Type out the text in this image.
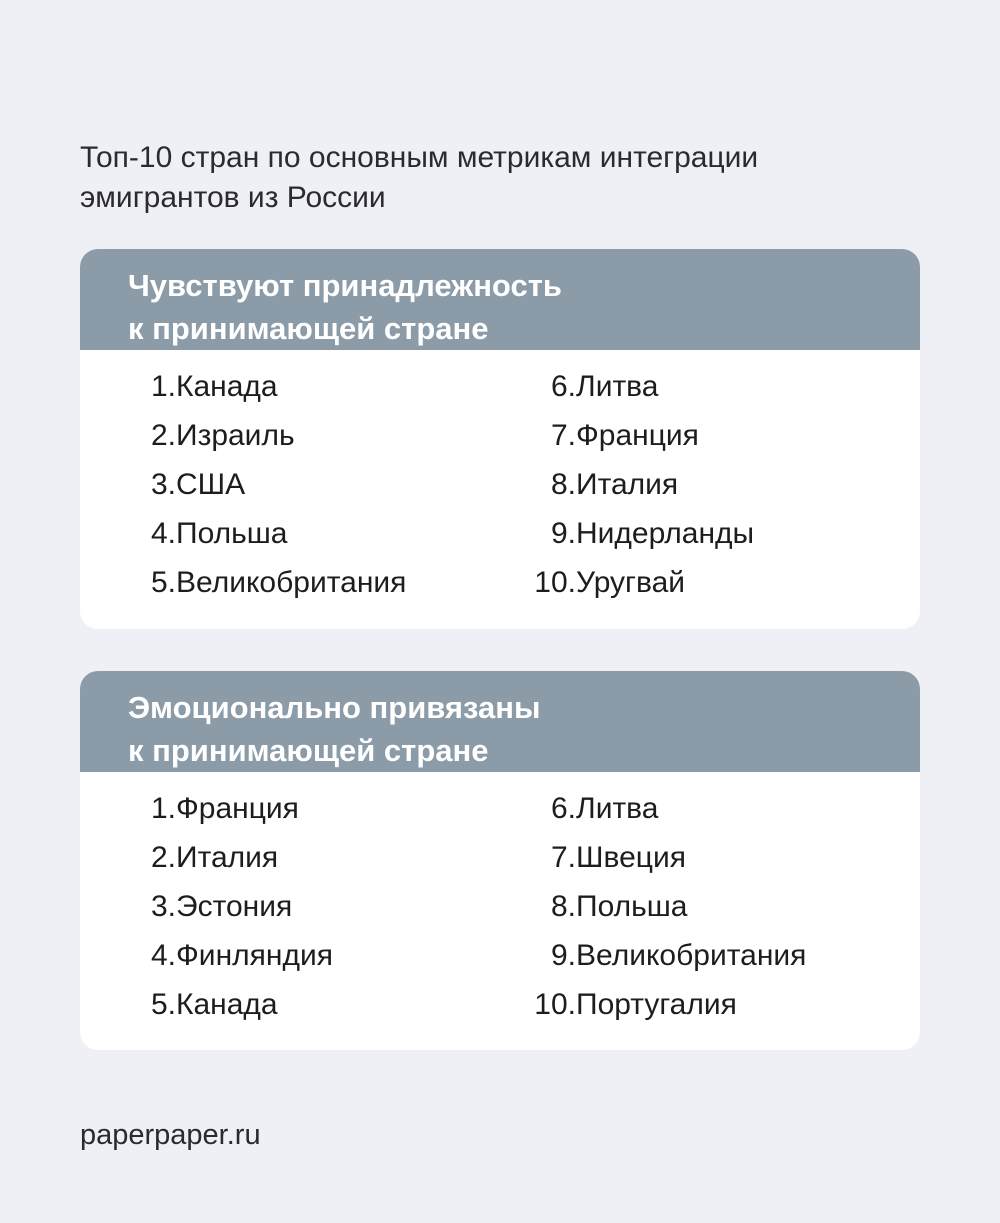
Топ-10 стран по основным метрикам интеграции
эмигрантов из России
Чувствуют принадлежность
к принимающей стране
1. Канада
2. Израиль
3. США
4. Польша
5. Великобритания
6. Литва
7. Франция
8. Италия
9. Нидерланды
10. Уругвай
Эмоционально привязаны
к принимающей стране
1. Франция
2. Италия
3. Эстония
4. Финляндия
5. Канада
6. Литва
7. Швеция
8. Польша
9. Великобритания
10. Португалия
paperpaper.ru
